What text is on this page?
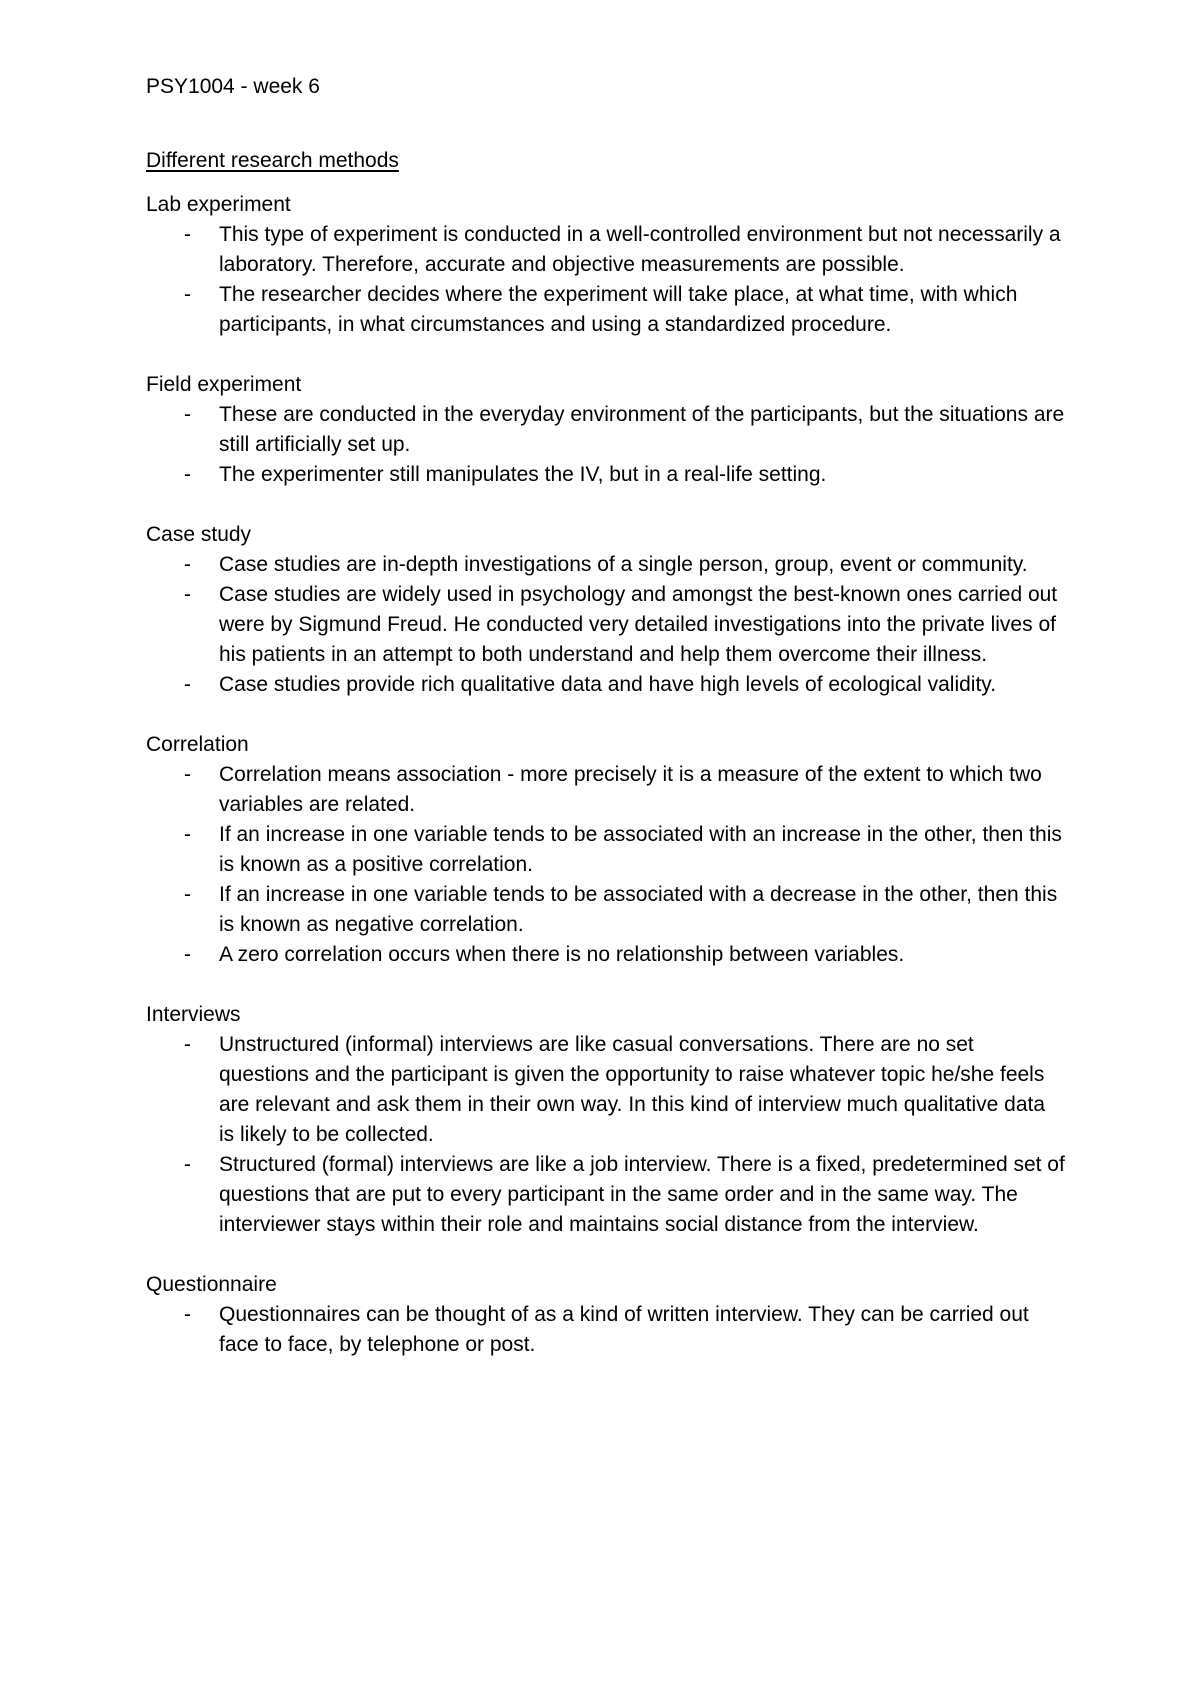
PSY1004 - week 6

Different research methods

Lab experiment

- This type of experiment is conducted in a well-controlled environment but not necessarily a laboratory. Therefore, accurate and objective measurements are possible.
- The researcher decides where the experiment will take place, at what time, with which participants, in what circumstances and using a standardized procedure.

Field experiment

- These are conducted in the everyday environment of the participants, but the situations are still artificially set up.
- The experimenter still manipulates the IV, but in a real-life setting.

Case study

- Case studies are in-depth investigations of a single person, group, event or community.
- Case studies are widely used in psychology and amongst the best-known ones carried out were by Sigmund Freud. He conducted very detailed investigations into the private lives of his patients in an attempt to both understand and help them overcome their illness.
- Case studies provide rich qualitative data and have high levels of ecological validity.

Correlation

- Correlation means association - more precisely it is a measure of the extent to which two variables are related.
- If an increase in one variable tends to be associated with an increase in the other, then this is known as a positive correlation.
- If an increase in one variable tends to be associated with a decrease in the other, then this is known as negative correlation.
- A zero correlation occurs when there is no relationship between variables.

Interviews

- Unstructured (informal) interviews are like casual conversations. There are no set questions and the participant is given the opportunity to raise whatever topic he/she feels are relevant and ask them in their own way. In this kind of interview much qualitative data is likely to be collected.
- Structured (formal) interviews are like a job interview. There is a fixed, predetermined set of questions that are put to every participant in the same order and in the same way. The interviewer stays within their role and maintains social distance from the interview.

Questionnaire

- Questionnaires can be thought of as a kind of written interview. They can be carried out face to face, by telephone or post.
